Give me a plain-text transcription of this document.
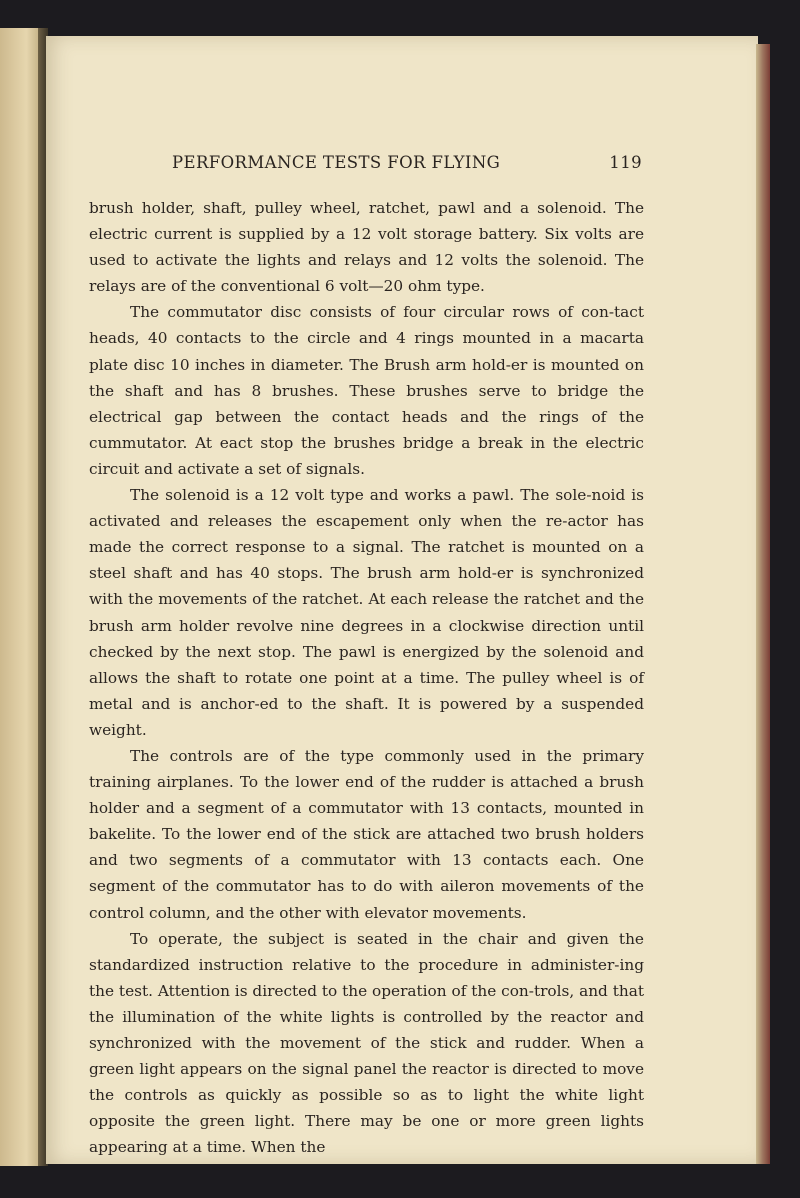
PERFORMANCE TESTS FOR FLYING	119

brush holder, shaft, pulley wheel, ratchet, pawl and a solenoid. The electric current is supplied by a 12 volt storage battery. Six volts are used to activate the lights and relays and 12 volts the solenoid. The relays are of the conventional 6 volt—20 ohm type.

The commutator disc consists of four circular rows of con-tact heads, 40 contacts to the circle and 4 rings mounted in a macarta plate disc 10 inches in diameter. The Brush arm hold-er is mounted on the shaft and has 8 brushes. These brushes serve to bridge the electrical gap between the contact heads and the rings of the cummutator. At eact stop the brushes bridge a break in the electric circuit and activate a set of signals.

The solenoid is a 12 volt type and works a pawl. The sole-noid is activated and releases the escapement only when the re-actor has made the correct response to a signal. The ratchet is mounted on a steel shaft and has 40 stops. The brush arm hold-er is synchronized with the movements of the ratchet. At each release the ratchet and the brush arm holder revolve nine degrees in a clockwise direction until checked by the next stop. The pawl is energized by the solenoid and allows the shaft to rotate one point at a time. The pulley wheel is of metal and is anchor-ed to the shaft. It is powered by a suspended weight.

The controls are of the type commonly used in the primary training airplanes. To the lower end of the rudder is attached a brush holder and a segment of a commutator with 13 contacts, mounted in bakelite. To the lower end of the stick are attached two brush holders and two segments of a commutator with 13 contacts each. One segment of the commutator has to do with aileron movements of the control column, and the other with elevator movements.

To operate, the subject is seated in the chair and given the standardized instruction relative to the procedure in administer-ing the test. Attention is directed to the operation of the con-trols, and that the illumination of the white lights is controlled by the reactor and synchronized with the movement of the stick and rudder. When a green light appears on the signal panel the reactor is directed to move the controls as quickly as possible so as to light the white light opposite the green light. There may be one or more green lights appearing at a time. When the
